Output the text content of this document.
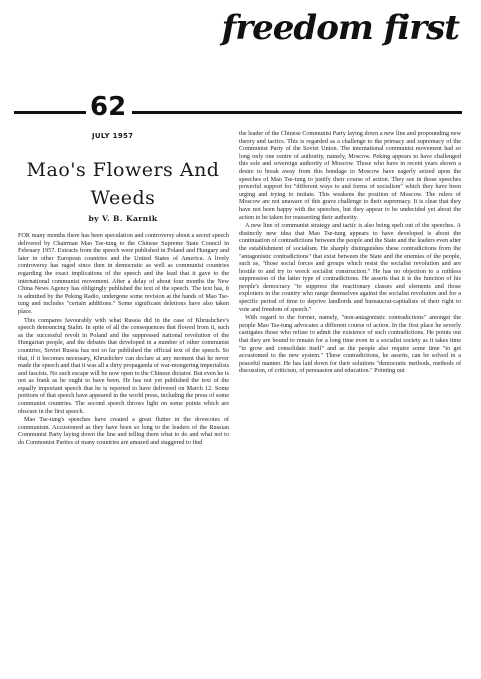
freedom first
62
JULY 1957
Mao's Flowers And Weeds
by V. B. Karnik

FOR many months there has been speculation and controversy about a secret speech delivered by Chairman Mao Tse-tung to the Chinese Supreme State Council in February 1957. Extracts from the speech were published in Poland and Hungary and later in other European countries and the United States of America. A lively controversy has raged since then in democratic as well as communist countries regarding the exact implications of the speech and the lead that it gave to the international communist movement. After a delay of about four months the New China News Agency has obligingly published the text of the speech. The text has, it is admitted by the Peking Radio, undergone some revision at the hands of Mao Tse-tung and includes "certain additions." Some significant deletions have also taken place.

This compares favourably with what Russia did in the case of Khrushchev's speech denouncing Stalin. In spite of all the consequences that flowed from it, such as the successful revolt in Poland and the suppressed national revolution of the Hungarian people, and the debates that developed in a number of other communist countries, Soviet Russia has not so far published the official text of the speech. So that, if it becomes necessary, Khrushchev can declare at any moment that he never made the speech and that it was all a dirty propaganda of war-mongering imperialists and fascists. No such escape will be now open to the Chinese dictator. But even he is not as frank as he ought to have been. He has not yet published the text of the equally important speech that he is reported to have delivered on March 12. Some portions of that speech have appeared in the world press, including the press of some communist countries. The second speech throws light on some points which are obscure in the first speech.

Mao Tse-tung's speeches have created a great flutter in the dovecotes of communism. Accustomed as they have been so long to the leaders of the Russian Communist Party laying down the line and telling them what to do and what not to do Communist Parties of many countries are amazed and staggered to find

the leader of the Chinese Communist Party laying down a new line and propounding new theory and tactics. This is regarded as a challenge to the primacy and supremacy of the Communist Party of the Soviet Union. The international communist movement had so long only one centre of authority, namely, Moscow. Peking appears to have challenged this sole and sovereign authority of Moscow. Those who have in recent years shown a desire to break away from this bondage to Moscow have eagerly seized upon the speeches of Mao Tse-tung to justify their course of action. They see in those speeches powerful support for "different ways to and forms of socialism" which they have been urging and trying to imitate. This weakens the position of Moscow. The rulers of Moscow are not unaware of this grave challenge to their supremacy. It is clear that they have not been happy with the speeches, but they appear to be undecided yet about the action to be taken for reasserting their authority.

A new line of communist strategy and tactic is also being spelt out of the speeches. A distinctly new idea that Mao Tse-tung appears to have developed is about the continuation of contradictions between the people and the State and the leaders even after the establishment of socialism. He sharply distinguishes these contradictions from the "antagonistic contradictions" that exist between the State and the enemies of the people, such as, "those social forces and groups which resist the socialist revolution and are hostile to and try to wreck socialist construction." He has no objection to a ruthless suppression of the latter type of contradictions. He asserts that it is the function of his people's democracy "to suppress the reactionary classes and elements and those exploiters in the country who range themselves against the socialist revolution and for a specific period of time to deprive landlords and bureaucrat-capitalists of their right to vote and freedom of speech."

With regard to the former, namely, "non-antagonistic contradictions" amongst the people Mao Tse-tung advocates a different course of action. In the first place he severly castigates those who refuse to admit the existence of such contradictions. He points out that they are bound to remain for a long time even in a socialist society as it takes time "to grow and consolidate itself" and as the people also require some time "to get accustomed to the new system." These contradictions, he asserts, can be solved in a peaceful manner. He has laid down for their solutions "democratic methods, methods of discussion, of criticism, of persuasion and education." Pointing out
